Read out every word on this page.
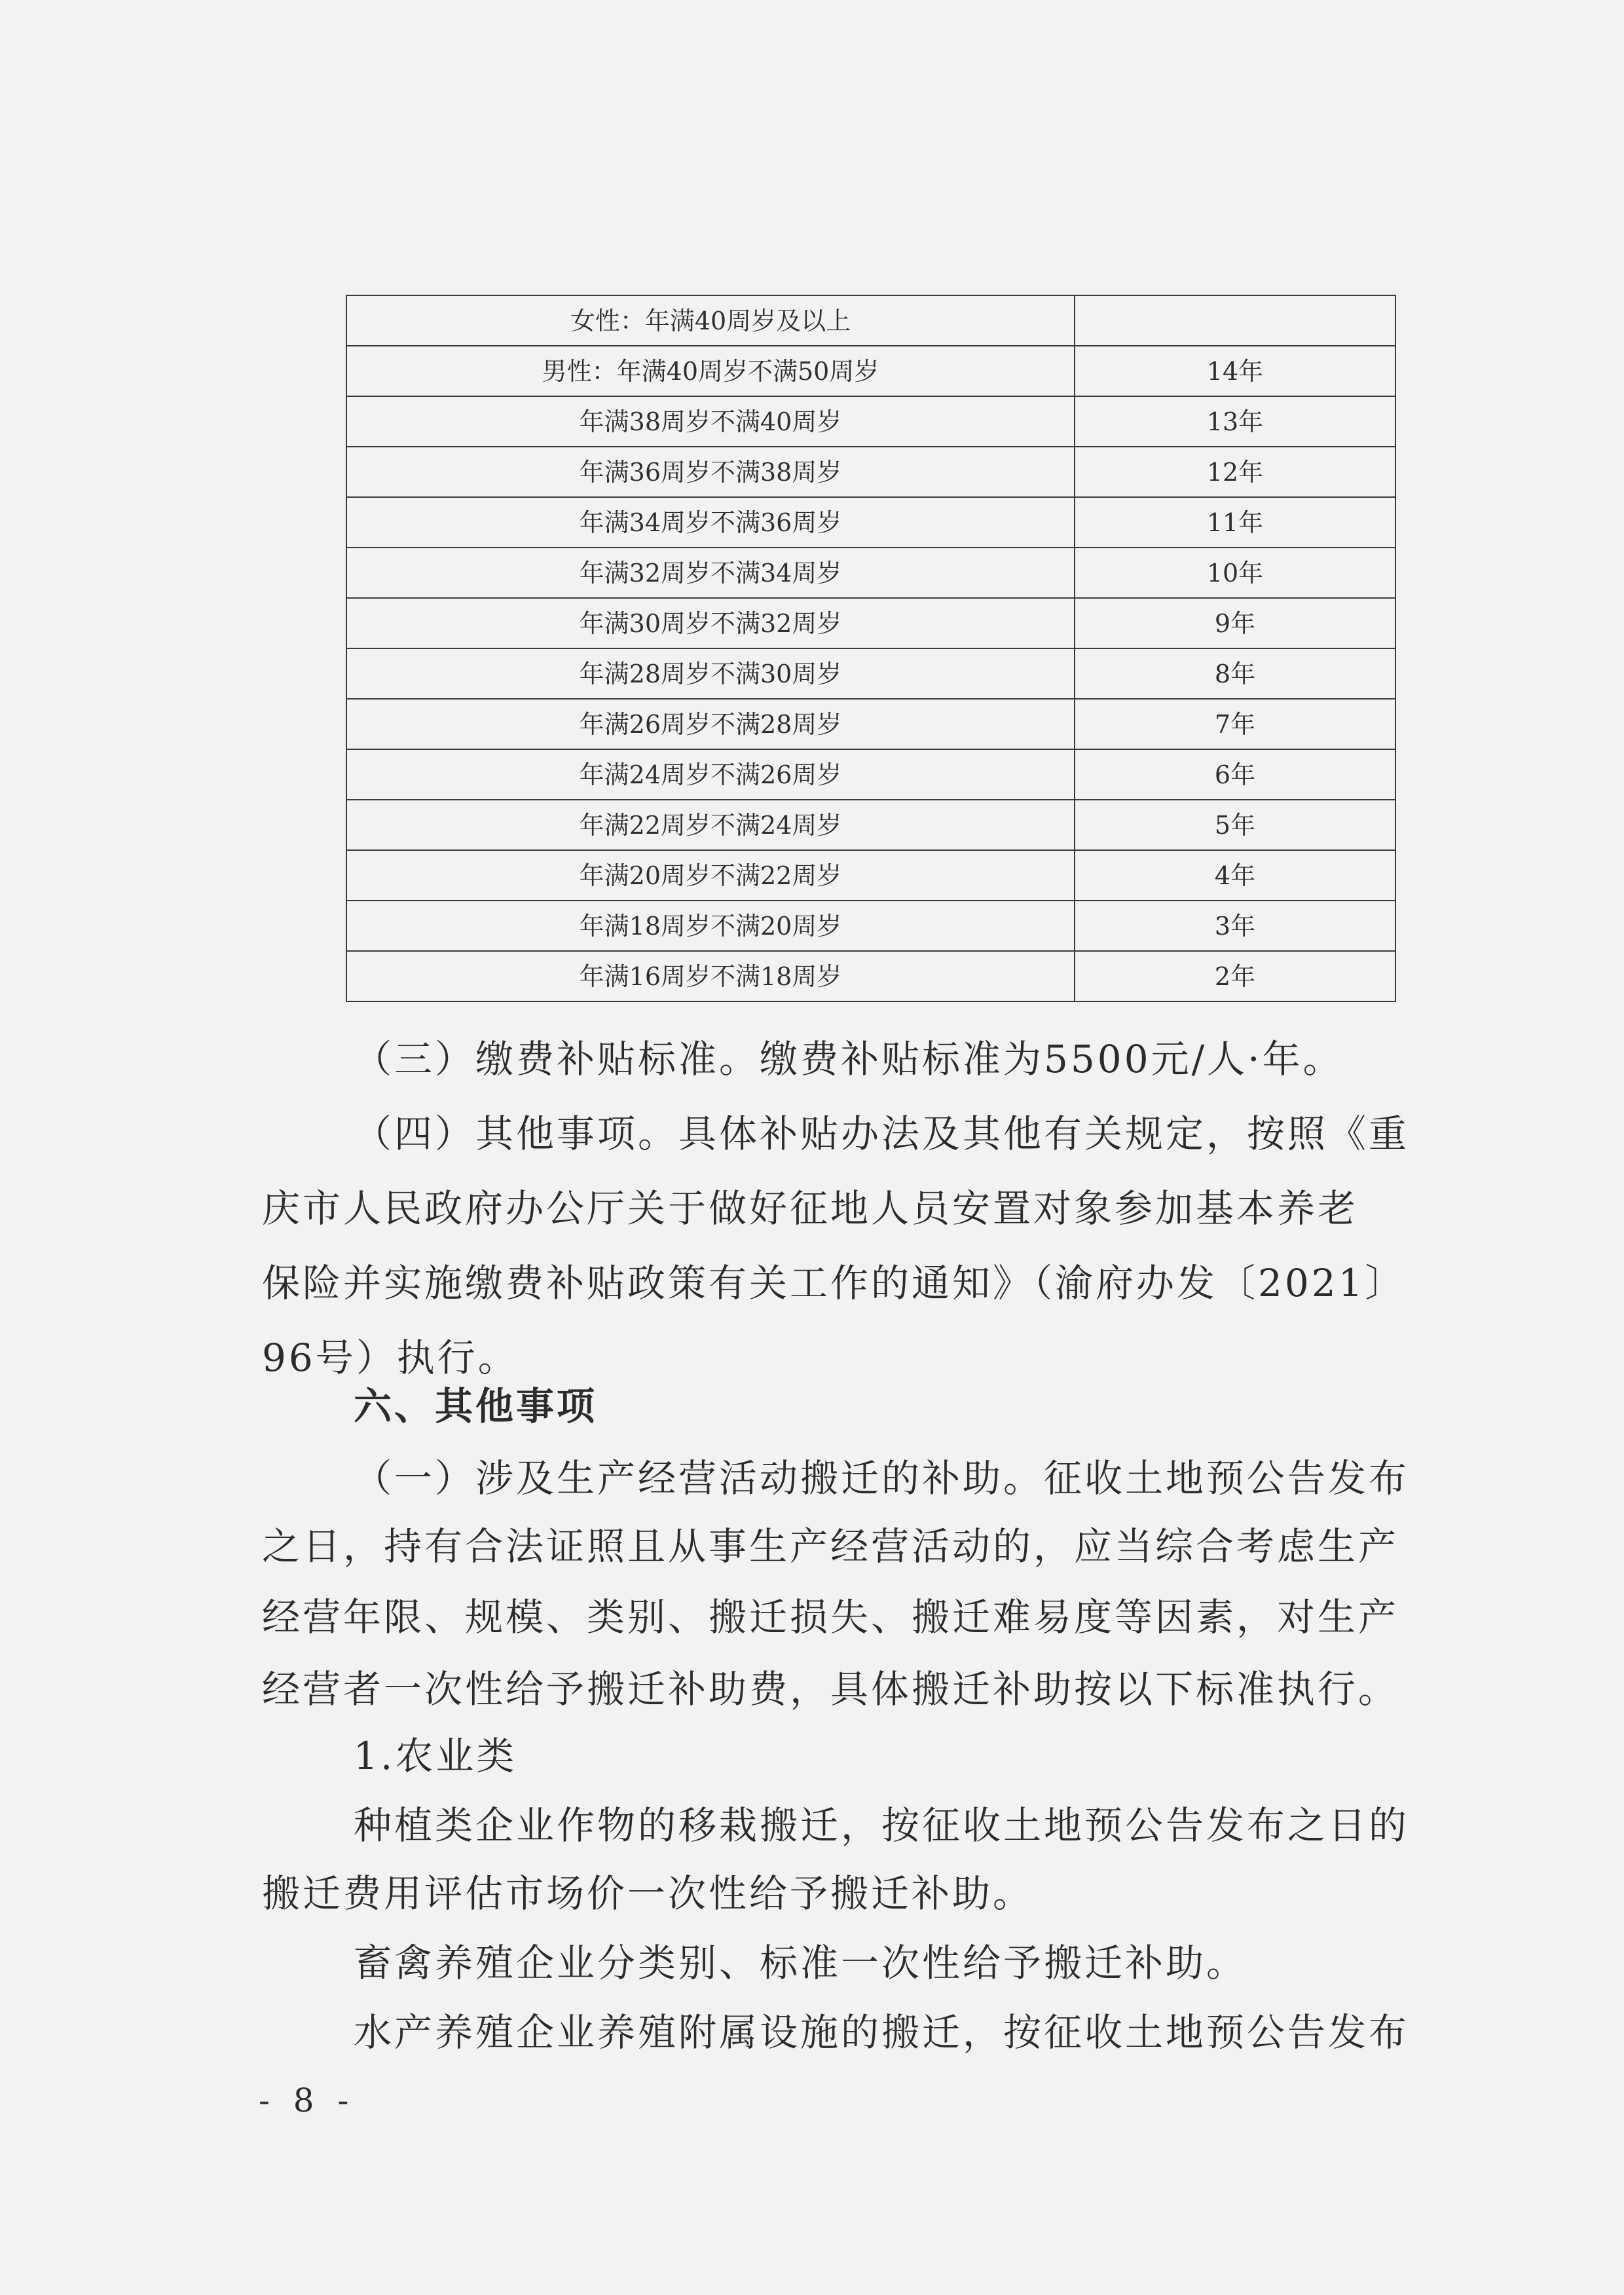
女性：年满40周岁及以上	
男性：年满40周岁不满50周岁	14年
年满38周岁不满40周岁	13年
年满36周岁不满38周岁	12年
年满34周岁不满36周岁	11年
年满32周岁不满34周岁	10年
年满30周岁不满32周岁	9年
年满28周岁不满30周岁	8年
年满26周岁不满28周岁	7年
年满24周岁不满26周岁	6年
年满22周岁不满24周岁	5年
年满20周岁不满22周岁	4年
年满18周岁不满20周岁	3年
年满16周岁不满18周岁	2年

（三）缴费补贴标准。缴费补贴标准为5500元/人·年。

（四）其他事项。具体补贴办法及其他有关规定，按照《重

庆市人民政府办公厅关于做好征地人员安置对象参加基本养老

保险并实施缴费补贴政策有关工作的通知》（渝府办发〔2021〕

96号）执行。

六、其他事项

（一）涉及生产经营活动搬迁的补助。征收土地预公告发布

之日，持有合法证照且从事生产经营活动的，应当综合考虑生产

经营年限、规模、类别、搬迁损失、搬迁难易度等因素，对生产

经营者一次性给予搬迁补助费，具体搬迁补助按以下标准执行。

1.农业类

种植类企业作物的移栽搬迁，按征收土地预公告发布之日的

搬迁费用评估市场价一次性给予搬迁补助。

畜禽养殖企业分类别、标准一次性给予搬迁补助。

水产养殖企业养殖附属设施的搬迁，按征收土地预公告发布

- 8 -
